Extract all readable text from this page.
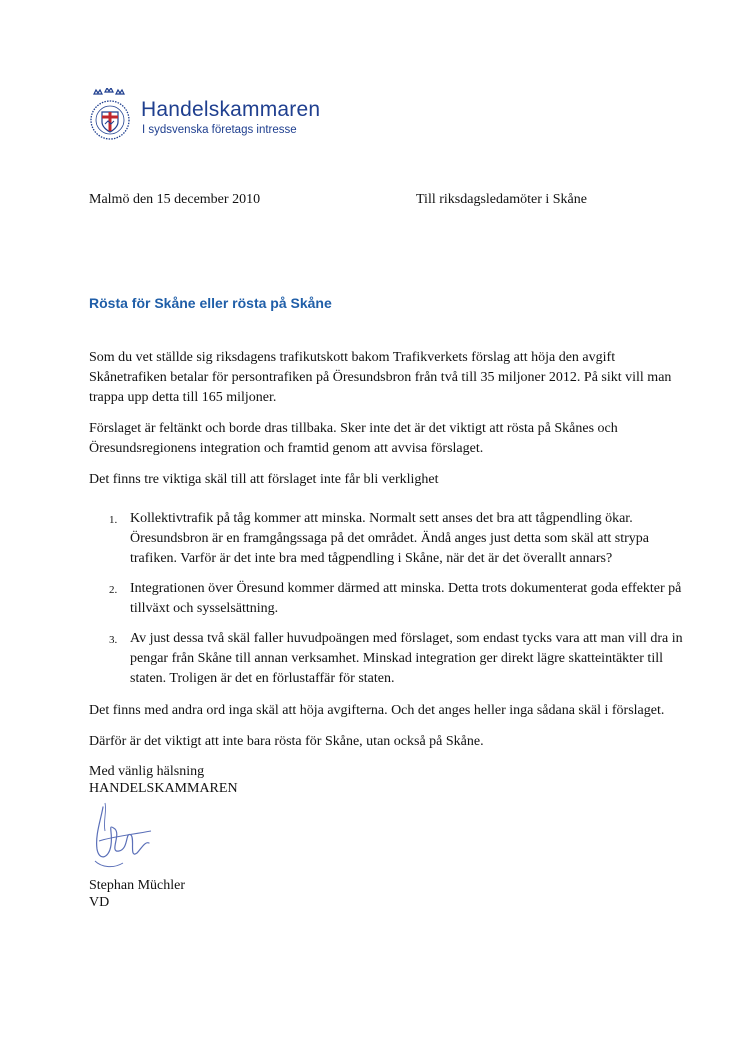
Handelskammaren
I sydsvenska företags intresse
Malmö den 15 december 2010	Till riksdagsledamöter i Skåne
Rösta för Skåne eller rösta på Skåne

Som du vet ställde sig riksdagens trafikutskott bakom Trafikverkets förslag att höja den avgift Skånetrafiken betalar för persontrafiken på Öresundsbron från två till 35 miljoner 2012. På sikt vill man trappa upp detta till 165 miljoner.

Förslaget är feltänkt och borde dras tillbaka. Sker inte det är det viktigt att rösta på Skånes och Öresundsregionens integration och framtid genom att avvisa förslaget.

Det finns tre viktiga skäl till att förslaget inte får bli verklighet

1. Kollektivtrafik på tåg kommer att minska. Normalt sett anses det bra att tågpendling ökar. Öresundsbron är en framgångssaga på det området. Ändå anges just detta som skäl att strypa trafiken. Varför är det inte bra med tågpendling i Skåne, när det är det överallt annars?
2. Integrationen över Öresund kommer därmed att minska. Detta trots dokumenterat goda effekter på tillväxt och sysselsättning.
3. Av just dessa två skäl faller huvudpoängen med förslaget, som endast tycks vara att man vill dra in pengar från Skåne till annan verksamhet. Minskad integration ger direkt lägre skatteintäkter till staten. Troligen är det en förlustaffär för staten.

Det finns med andra ord inga skäl att höja avgifterna. Och det anges heller inga sådana skäl i förslaget.

Därför är det viktigt att inte bara rösta för Skåne, utan också på Skåne.

Med vänlig hälsning
HANDELSKAMMAREN
Stephan Müchler
VD
